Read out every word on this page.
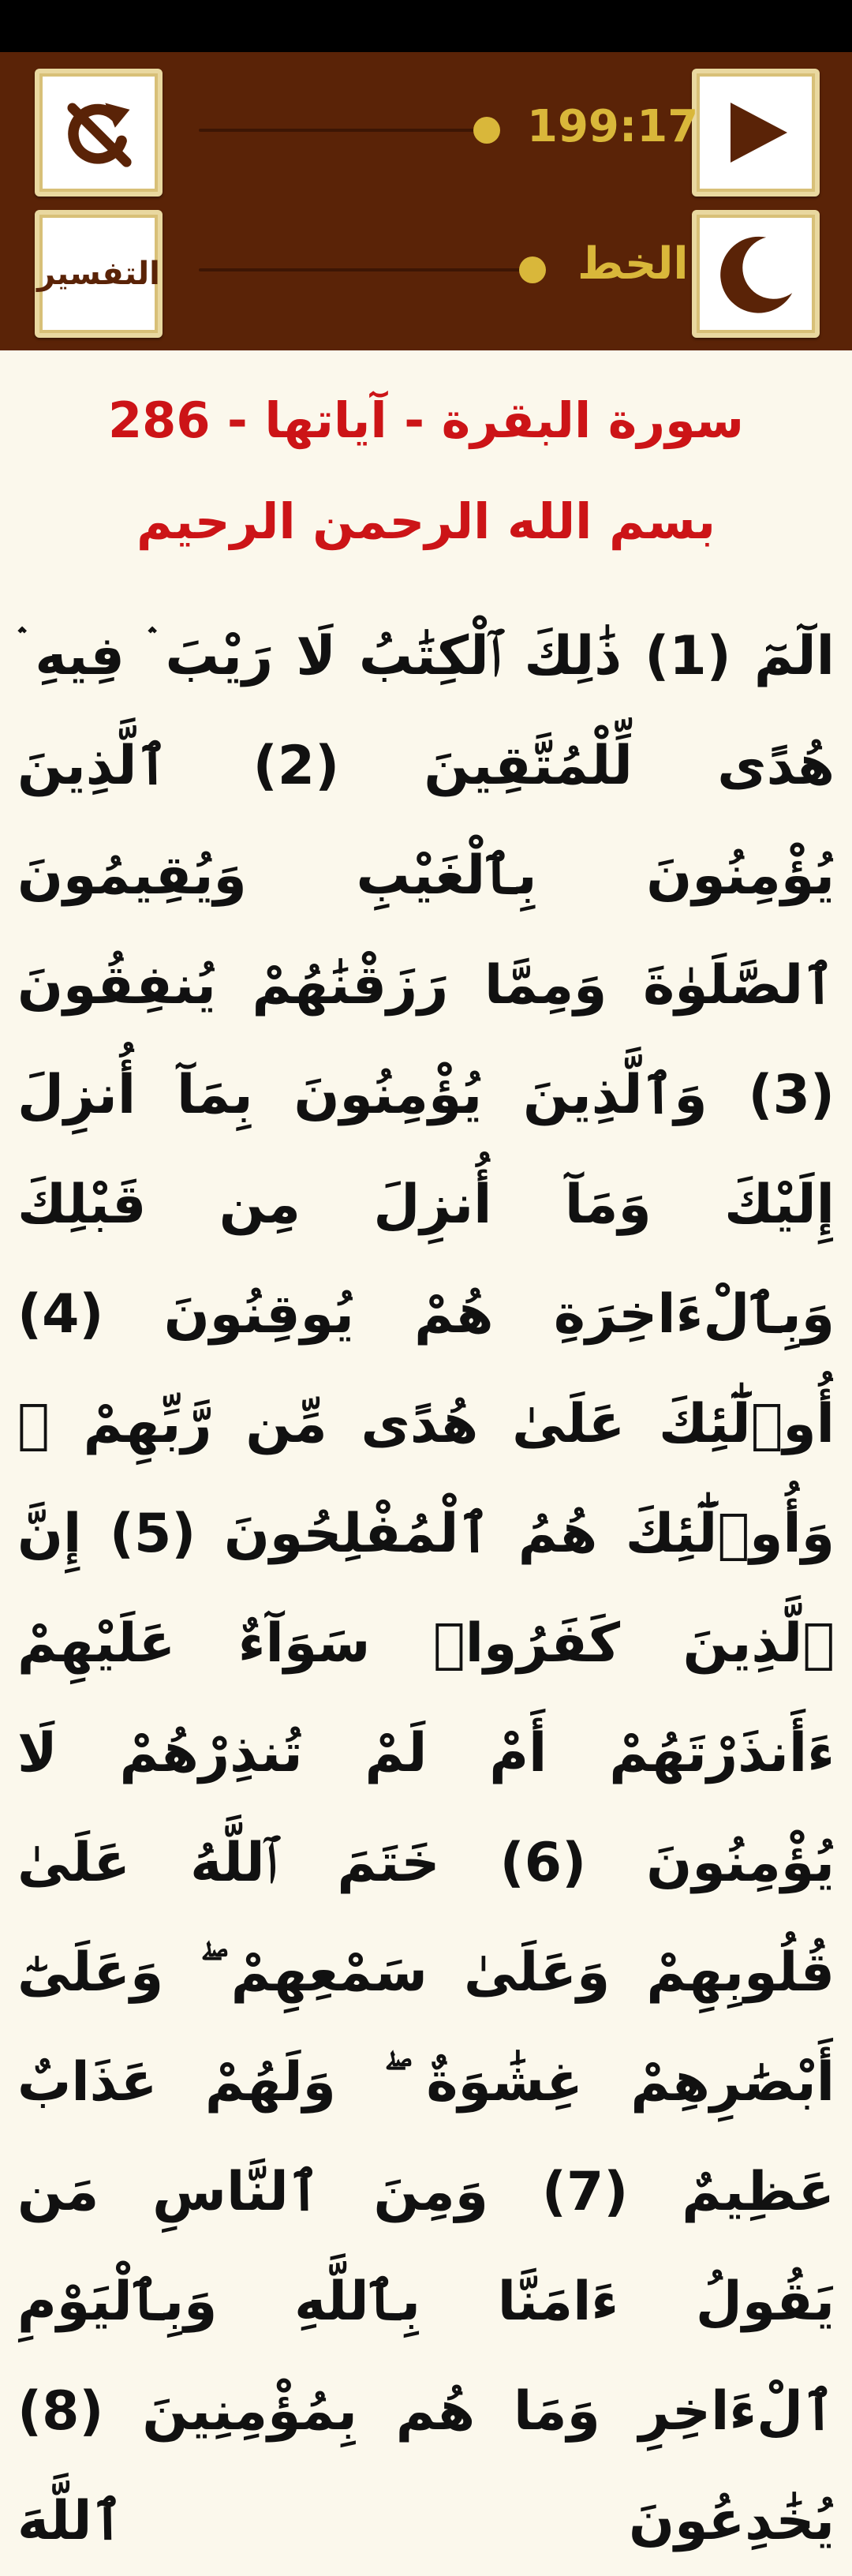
199:17
الخط
التفسير
سورة البقرة - آياتها - 286
بسم الله الرحمن الرحيم
الٓمٓ (1) ذَٰلِكَ ٱلْكِتَٰبُ لَا رَيْبَ ۛ فِيهِ ۛ هُدًى لِّلْمُتَّقِينَ (2) ٱلَّذِينَ يُؤْمِنُونَ بِٱلْغَيْبِ وَيُقِيمُونَ ٱلصَّلَوٰةَ وَمِمَّا رَزَقْنَٰهُمْ يُنفِقُونَ (3) وَٱلَّذِينَ يُؤْمِنُونَ بِمَآ أُنزِلَ إِلَيْكَ وَمَآ أُنزِلَ مِن قَبْلِكَ وَبِٱلْءَاخِرَةِ هُمْ يُوقِنُونَ (4) أُو۟لَٰٓئِكَ عَلَىٰ هُدًى مِّن رَّبِّهِمْ ۖ وَأُو۟لَٰٓئِكَ هُمُ ٱلْمُفْلِحُونَ (5) إِنَّ ٱلَّذِينَ كَفَرُوا۟ سَوَآءٌ عَلَيْهِمْ ءَأَنذَرْتَهُمْ أَمْ لَمْ تُنذِرْهُمْ لَا يُؤْمِنُونَ (6) خَتَمَ ٱللَّهُ عَلَىٰ قُلُوبِهِمْ وَعَلَىٰ سَمْعِهِمْ ۖ وَعَلَىٰٓ أَبْصَٰرِهِمْ غِشَٰوَةٌ ۖ وَلَهُمْ عَذَابٌ عَظِيمٌ (7) وَمِنَ ٱلنَّاسِ مَن يَقُولُ ءَامَنَّا بِٱللَّهِ وَبِٱلْيَوْمِ ٱلْءَاخِرِ وَمَا هُم بِمُؤْمِنِينَ (8) يُخَٰدِعُونَ ٱللَّهَ
